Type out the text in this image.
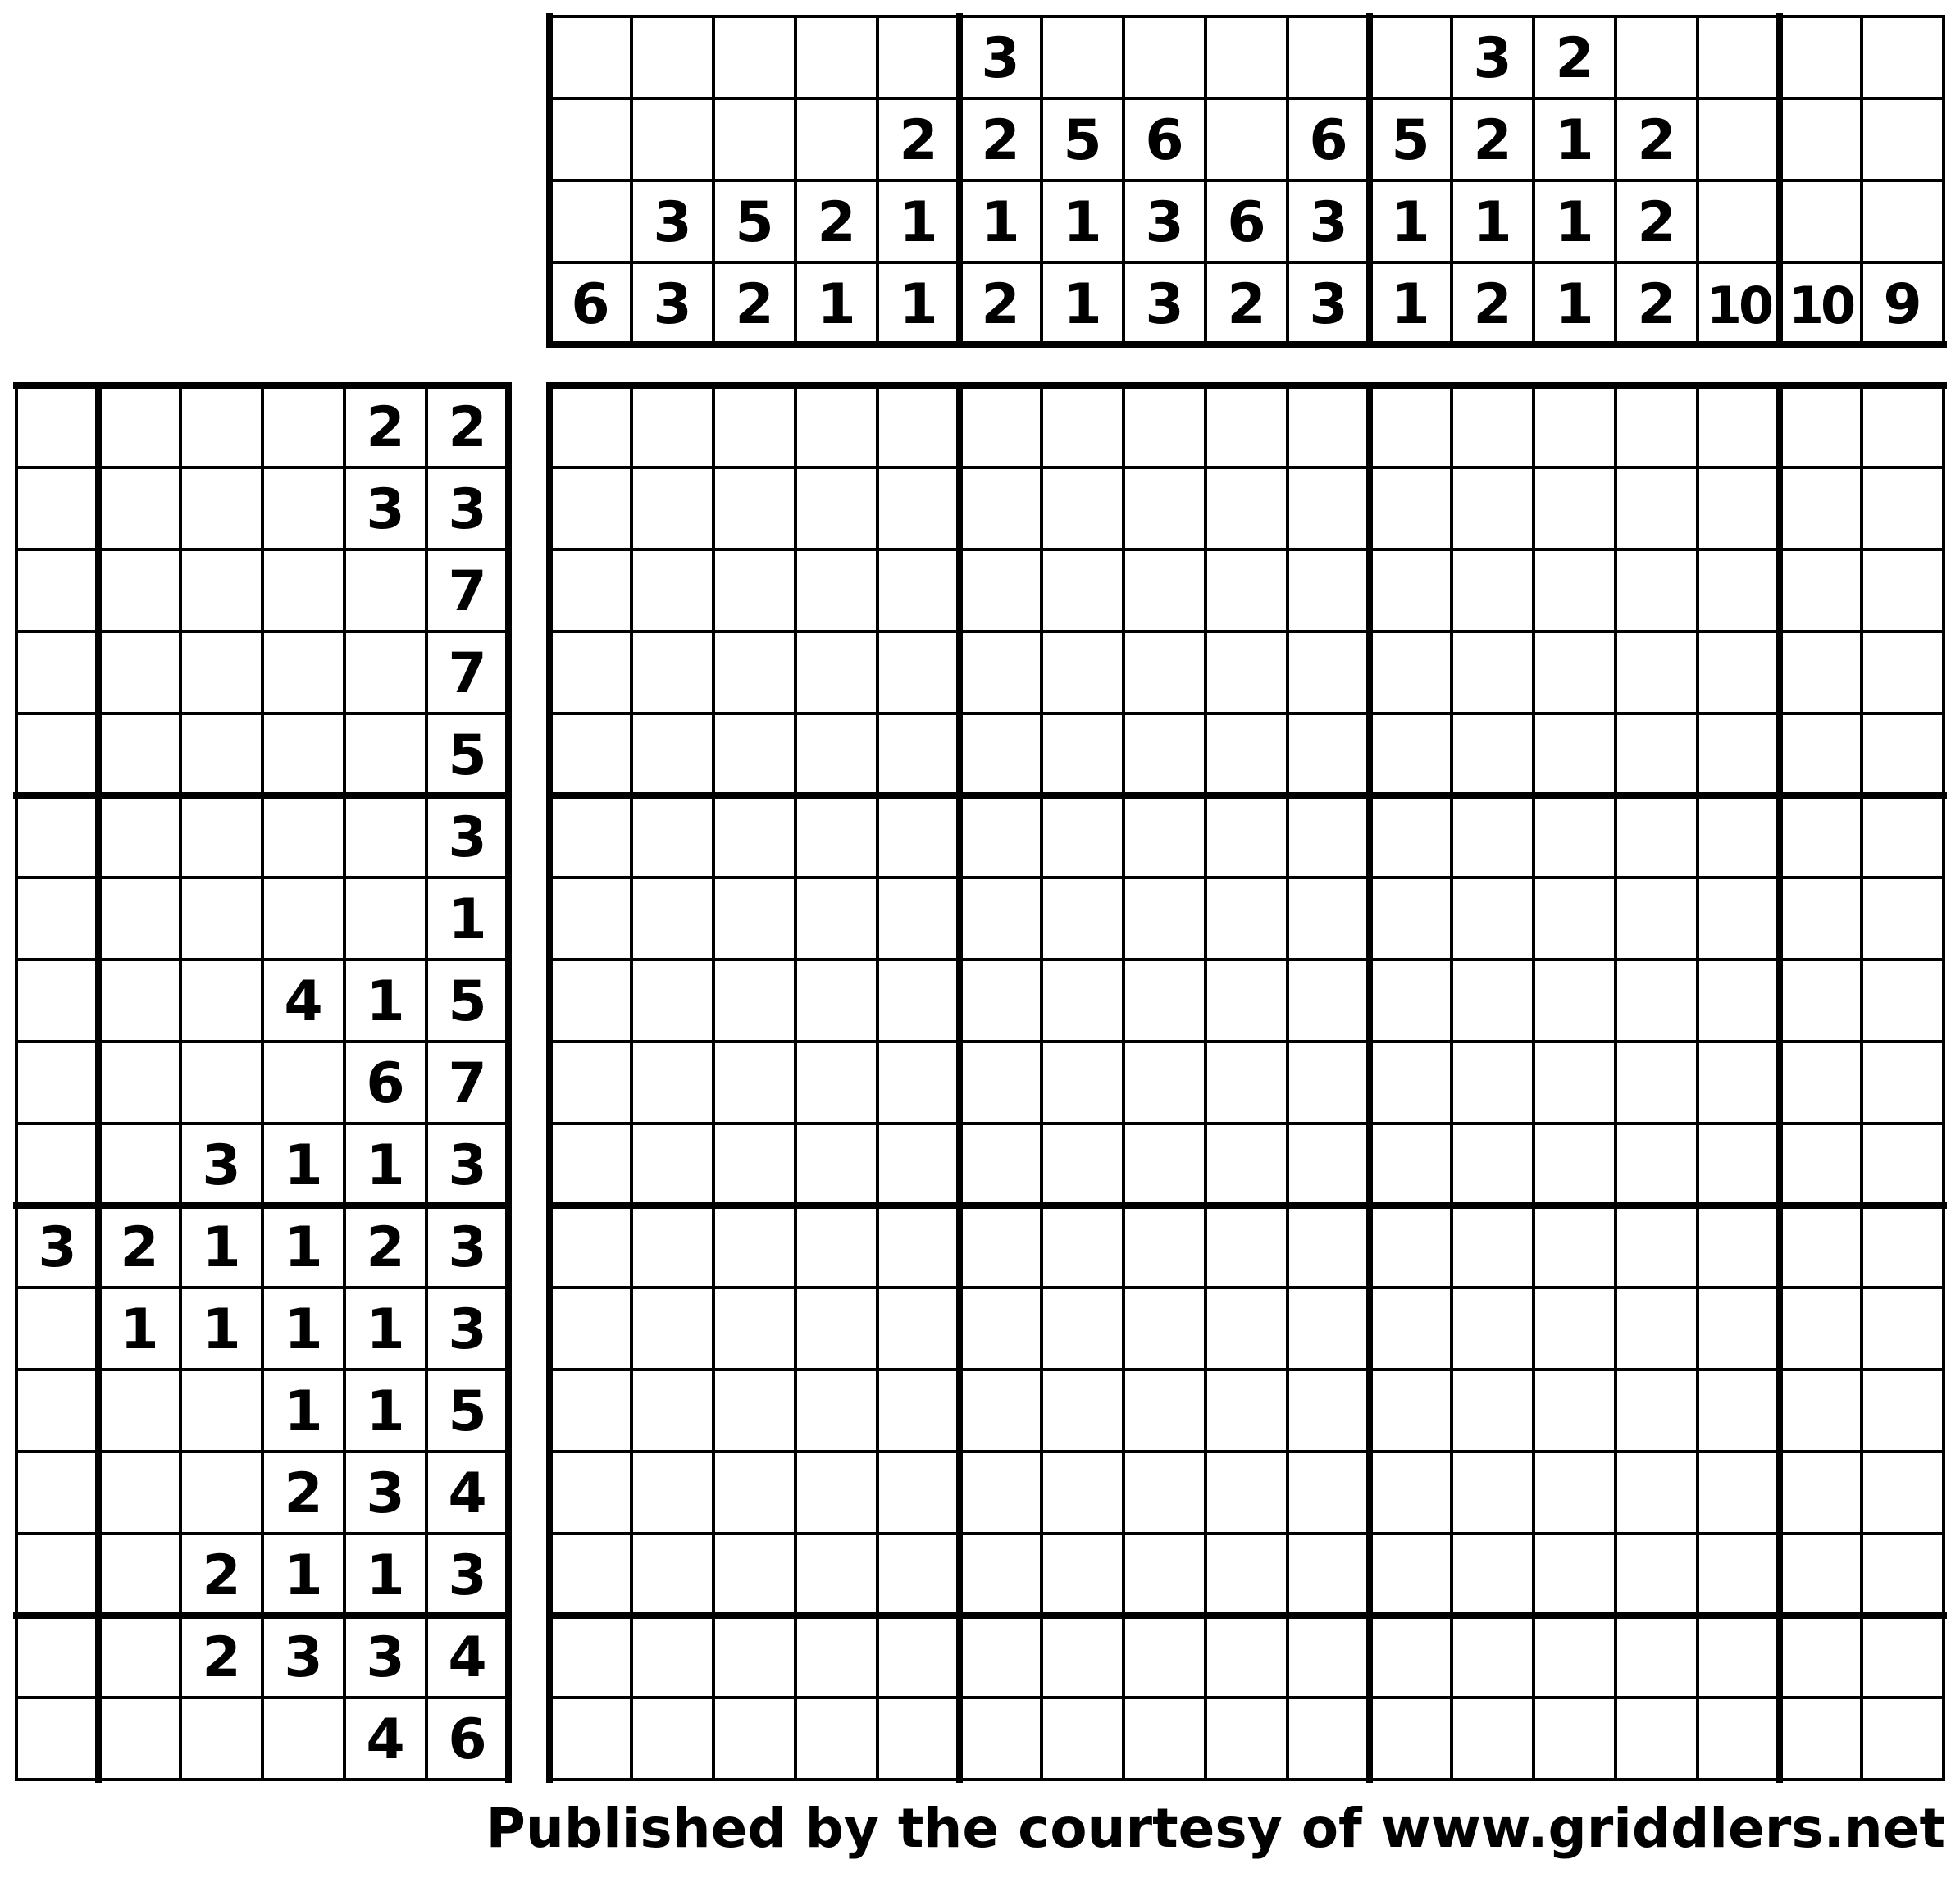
6
3
3
5
2
2
1
2
1
1
3
2
1
2
5
1
1
6
3
3
6
2
6
3
3
5
1
1
3
2
1
2
2
1
1
1
2
2
2 10 10 9
2 2
3 3
7
7
5
3
1
4 1 5
6 7
3 1 1 3
3 2 1 1 2 3
1 1 1 1 3
1 1 5
2 3 4
2 1 1 3
2 3 3 4
4 6
Published by the courtesy of www.griddlers.net
